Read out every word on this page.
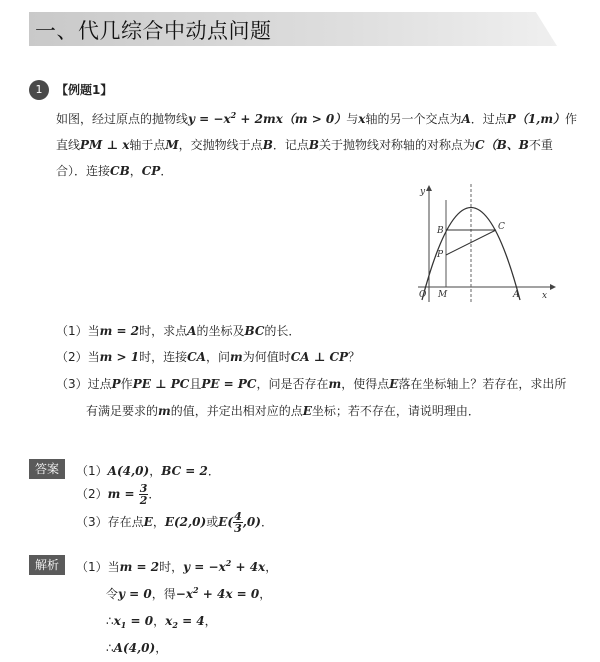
一、代几综合中动点问题
1	【例题1】
如图，经过原点的抛物线$y = -x^2 + 2mx(m > 0)$与x轴的另一个交点为A．过点P（1,m）作
直线PM ⊥ x轴于点M，交抛物线于点B．记点B关于抛物线对称轴的对称点为C（B、B不重
合）．连接CB，CP．
y
x
O M	A
B	C
P
（1）当m = 2时，求点A的坐标及BC的长．
（2）当m > 1时，连接CA，问m为何值时CA ⊥ CP？
（3）过点P作PE ⊥ PC且PE = PC，问是否存在m，使得点E落在坐标轴上？若存在，求出所
有满足要求的m的值，并定出相对应的点E坐标；若不存在，请说明理由．
答案	（1）A(4,0)，BC = 2．
$(2)m = \frac{3}{2}$ ．
（3）存在点E，E(2,0)或$E( \frac{4}{3} ,0)$．
解析	（1）当m = 2时，$y = -x^2 + 4x$，
令y = 0，得$-x^2 + 4x = 0$，
$\therefore x_1 = 0$，$x_2 = 4$，
∴A(4,0)，
